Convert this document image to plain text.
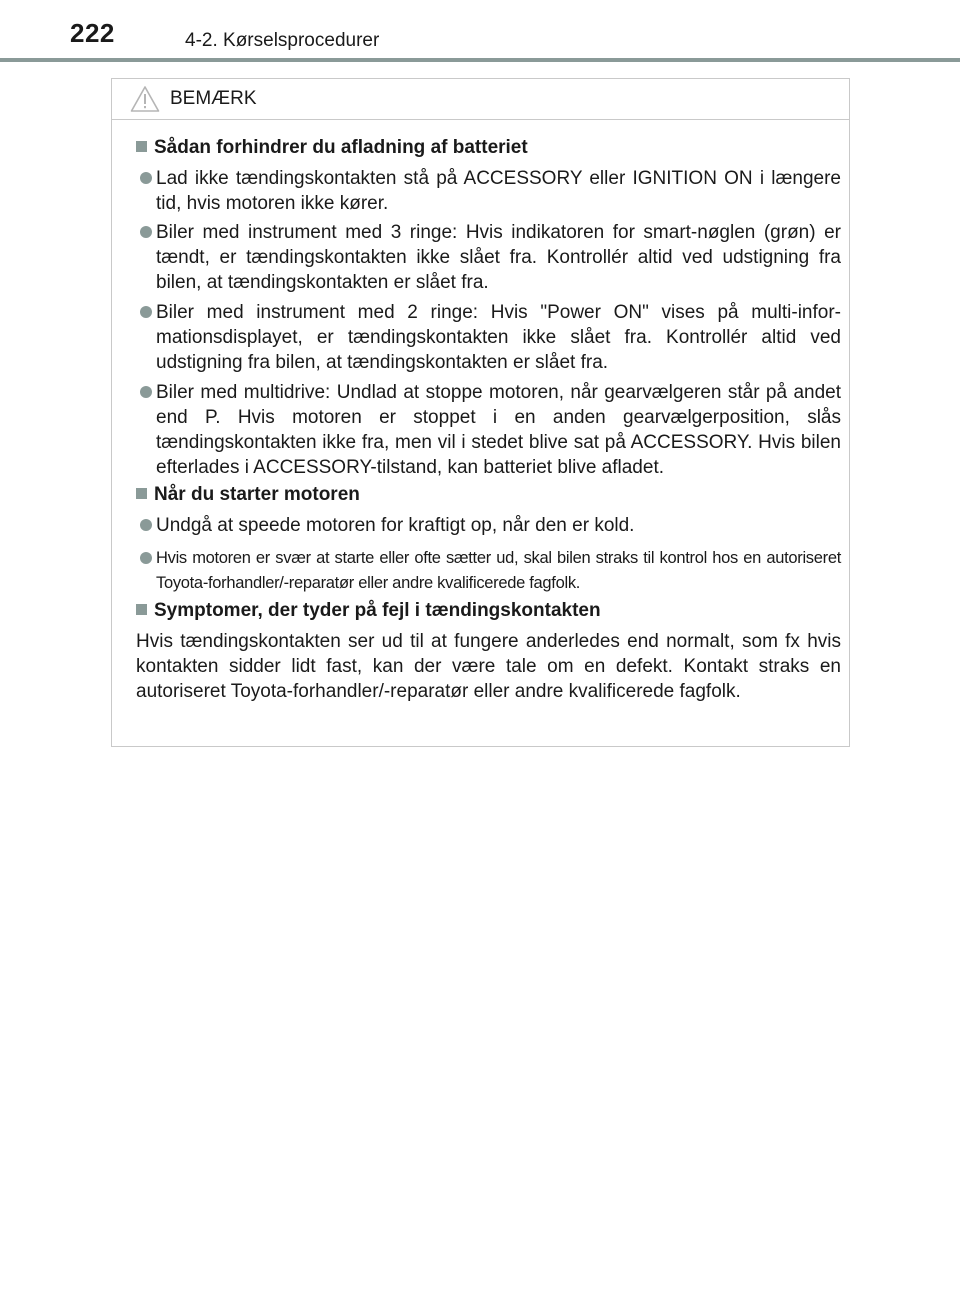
222	4-2. Kørselsprocedurer
BEMÆRK
Sådan forhindrer du afladning af batteriet
Lad ikke tændingskontakten stå på ACCESSORY eller IGNITION ON i længere tid, hvis motoren ikke kører.
Biler med instrument med 3 ringe: Hvis indikatoren for smart-nøglen (grøn) er tændt, er tændingskontakten ikke slået fra. Kontrollér altid ved udstigning fra bilen, at tændingskontakten er slået fra.
Biler med instrument med 2 ringe: Hvis "Power ON" vises på multi-infor-mationsdisplayet, er tændingskontakten ikke slået fra. Kontrollér altid ved udstigning fra bilen, at tændingskontakten er slået fra.
Biler med multidrive: Undlad at stoppe motoren, når gearvælgeren står på andet end P. Hvis motoren er stoppet i en anden gearvælgerposition, slås tændingskontakten ikke fra, men vil i stedet blive sat på ACCESSORY. Hvis bilen efterlades i ACCESSORY-tilstand, kan batteriet blive afladet.
Når du starter motoren
Undgå at speede motoren for kraftigt op, når den er kold.
Hvis motoren er svær at starte eller ofte sætter ud, skal bilen straks til kontrol hos en autoriseret Toyota-forhandler/-reparatør eller andre kvalificerede fagfolk.
Symptomer, der tyder på fejl i tændingskontakten
Hvis tændingskontakten ser ud til at fungere anderledes end normalt, som fx hvis kontakten sidder lidt fast, kan der være tale om en defekt. Kontakt straks en autoriseret Toyota-forhandler/-reparatør eller andre kvalificerede fagfolk.
